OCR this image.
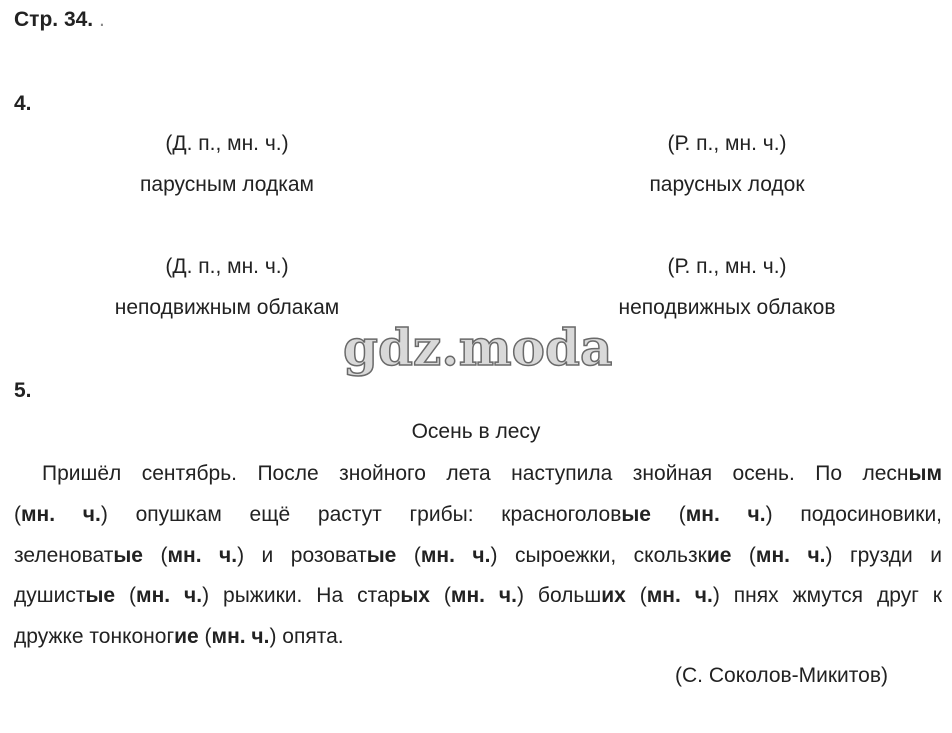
Стр. 34. .
4.
(Д. п., мн. ч.)	(Р. п., мн. ч.)
парусным лодкам	парусных лодок
(Д. п., мн. ч.)	(Р. п., мн. ч.)
неподвижным облакам	неподвижных облаков
gdz.moda
5.
Осень в лесу
Пришёл сентябрь. После знойного лета наступила знойная осень. По лесным
(мн. ч.) опушкам ещё растут грибы: красноголовые (мн. ч.) подосиновики,
зеленоватые (мн. ч.) и розоватые (мн. ч.) сыроежки, скользкие (мн. ч.) грузди и
душистые (мн. ч.) рыжики. На старых (мн. ч.) больших (мн. ч.) пнях жмутся друг к
дружке тонконогие (мн. ч.) опята.
(С. Соколов-Микитов)
